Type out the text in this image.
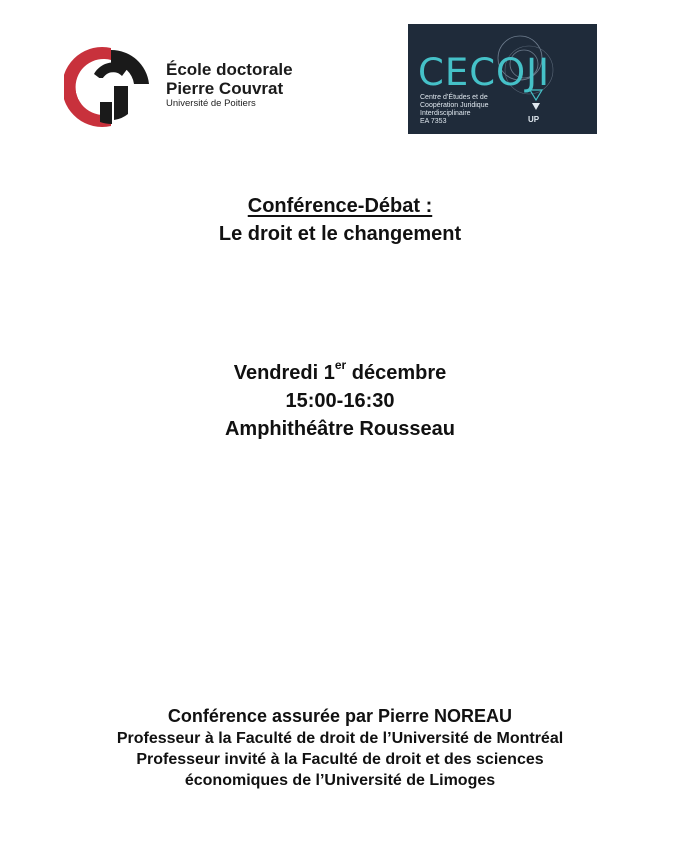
École doctorale
Pierre Couvrat
Université de Poitiers
CECOJI
Centre d’Études et de
Coopération Juridique
Interdisciplinaire
EA 7353	UP
Conférence-Débat :
Le droit et le changement
Vendredi 1er décembre
15:00-16:30
Amphithéâtre Rousseau
Conférence assurée par Pierre NOREAU
Professeur à la Faculté de droit de l’Université de Montréal
Professeur invité à la Faculté de droit et des sciences économiques de l’Université de Limoges
